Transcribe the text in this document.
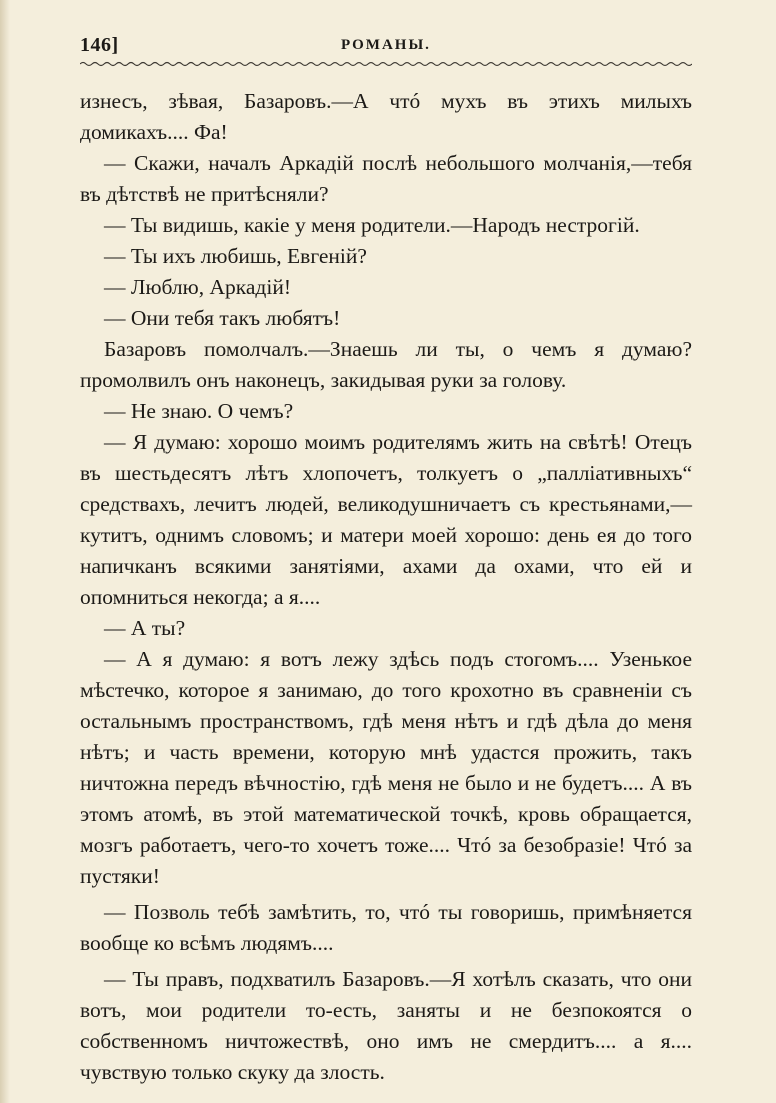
146]	РОМАНЫ.

изнесъ, зѣвая, Базаровъ.—А чтó мухъ въ этихъ милыхъ домикахъ.... Фа!

— Скажи, началъ Аркадій послѣ небольшого молчанія,—тебя въ дѣтствѣ не притѣсняли?

— Ты видишь, какіе у меня родители.—Народъ нестрогій.

— Ты ихъ любишь, Евгеній?

— Люблю, Аркадій!

— Они тебя такъ любятъ!

Базаровъ помолчалъ.—Знаешь ли ты, о чемъ я думаю? промолвилъ онъ наконецъ, закидывая руки за голову.

— Не знаю. О чемъ?

— Я думаю: хорошо моимъ родителямъ жить на свѣтѣ! Отецъ въ шестьдесятъ лѣтъ хлопочетъ, толкуетъ о „паллiативныхъ“ средствахъ, лечитъ людей, великодушничаетъ съ крестьянами,—кутитъ, однимъ словомъ; и матери моей хорошо: день ея до того напичканъ всякими занятіями, ахами да охами, что ей и опомниться некогда; а я....

— А ты?

— А я думаю: я вотъ лежу здѣсь подъ стогомъ.... Узенькое мѣстечко, которое я занимаю, до того крохотно въ сравненіи съ остальнымъ пространствомъ, гдѣ меня нѣтъ и гдѣ дѣла до меня нѣтъ; и часть времени, которую мнѣ удастся прожить, такъ ничтожна передъ вѣчностію, гдѣ меня не было и не будетъ.... А въ этомъ атомѣ, въ этой математической точкѣ, кровь обращается, мозгъ работаетъ, чего-то хочетъ тоже.... Чтó за безобразіе! Чтó за пустяки!

— Позволь тебѣ замѣтить, то, чтó ты говоришь, примѣняется вообще ко всѣмъ людямъ....

— Ты правъ, подхватилъ Базаровъ.—Я хотѣлъ сказать, что они вотъ, мои родители то-есть, заняты и не безпокоятся о собственномъ ничтожествѣ, оно имъ не смердитъ.... а я.... чувствую только скуку да злость.
